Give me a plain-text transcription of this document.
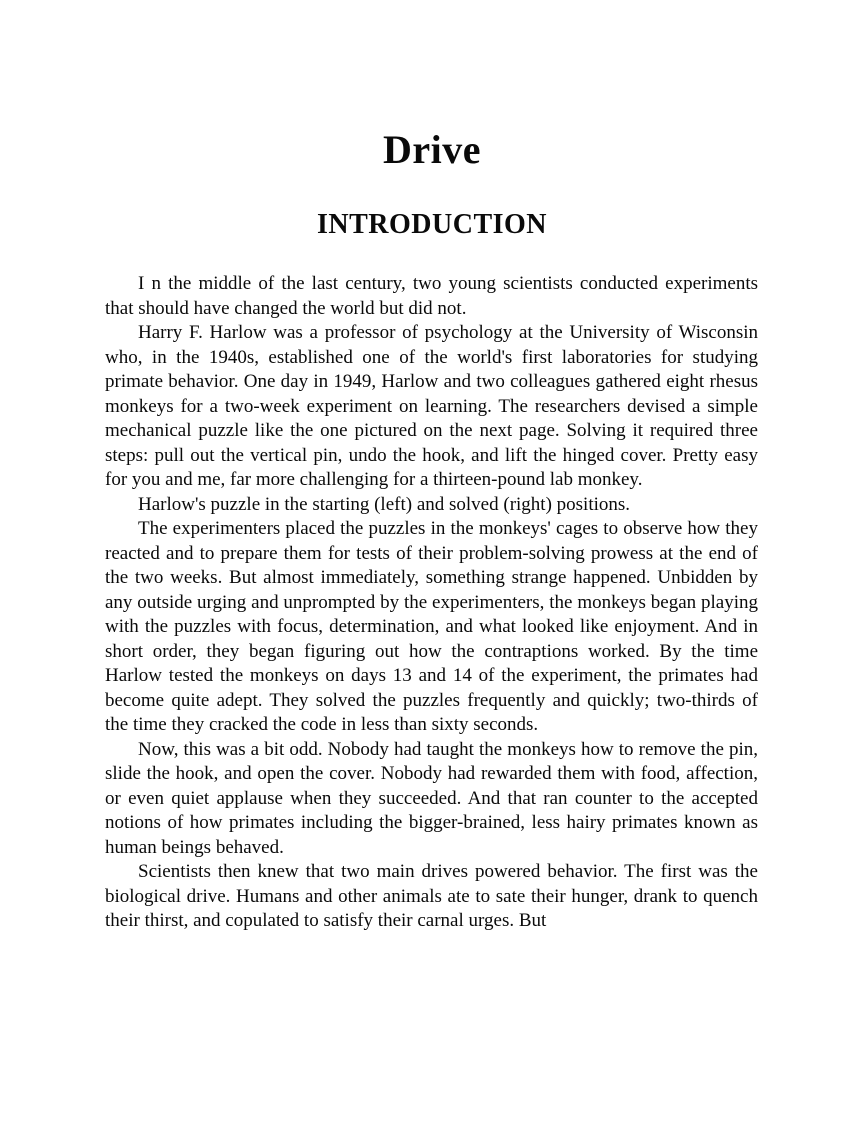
Drive
INTRODUCTION

I n the middle of the last century, two young scientists conducted experiments that should have changed the world but did not.

Harry F. Harlow was a professor of psychology at the University of Wisconsin who, in the 1940s, established one of the world's first laboratories for studying primate behavior. One day in 1949, Harlow and two colleagues gathered eight rhesus monkeys for a two-week experiment on learning. The researchers devised a simple mechanical puzzle like the one pictured on the next page. Solving it required three steps: pull out the vertical pin, undo the hook, and lift the hinged cover. Pretty easy for you and me, far more challenging for a thirteen-pound lab monkey.

Harlow's puzzle in the starting (left) and solved (right) positions.

The experimenters placed the puzzles in the monkeys' cages to observe how they reacted and to prepare them for tests of their problem-solving prowess at the end of the two weeks. But almost immediately, something strange happened. Unbidden by any outside urging and unprompted by the experimenters, the monkeys began playing with the puzzles with focus, determination, and what looked like enjoyment. And in short order, they began figuring out how the contraptions worked. By the time Harlow tested the monkeys on days 13 and 14 of the experiment, the primates had become quite adept. They solved the puzzles frequently and quickly; two-thirds of the time they cracked the code in less than sixty seconds.

Now, this was a bit odd. Nobody had taught the monkeys how to remove the pin, slide the hook, and open the cover. Nobody had rewarded them with food, affection, or even quiet applause when they succeeded. And that ran counter to the accepted notions of how primates including the bigger-brained, less hairy primates known as human beings behaved.

Scientists then knew that two main drives powered behavior. The first was the biological drive. Humans and other animals ate to sate their hunger, drank to quench their thirst, and copulated to satisfy their carnal urges. But
